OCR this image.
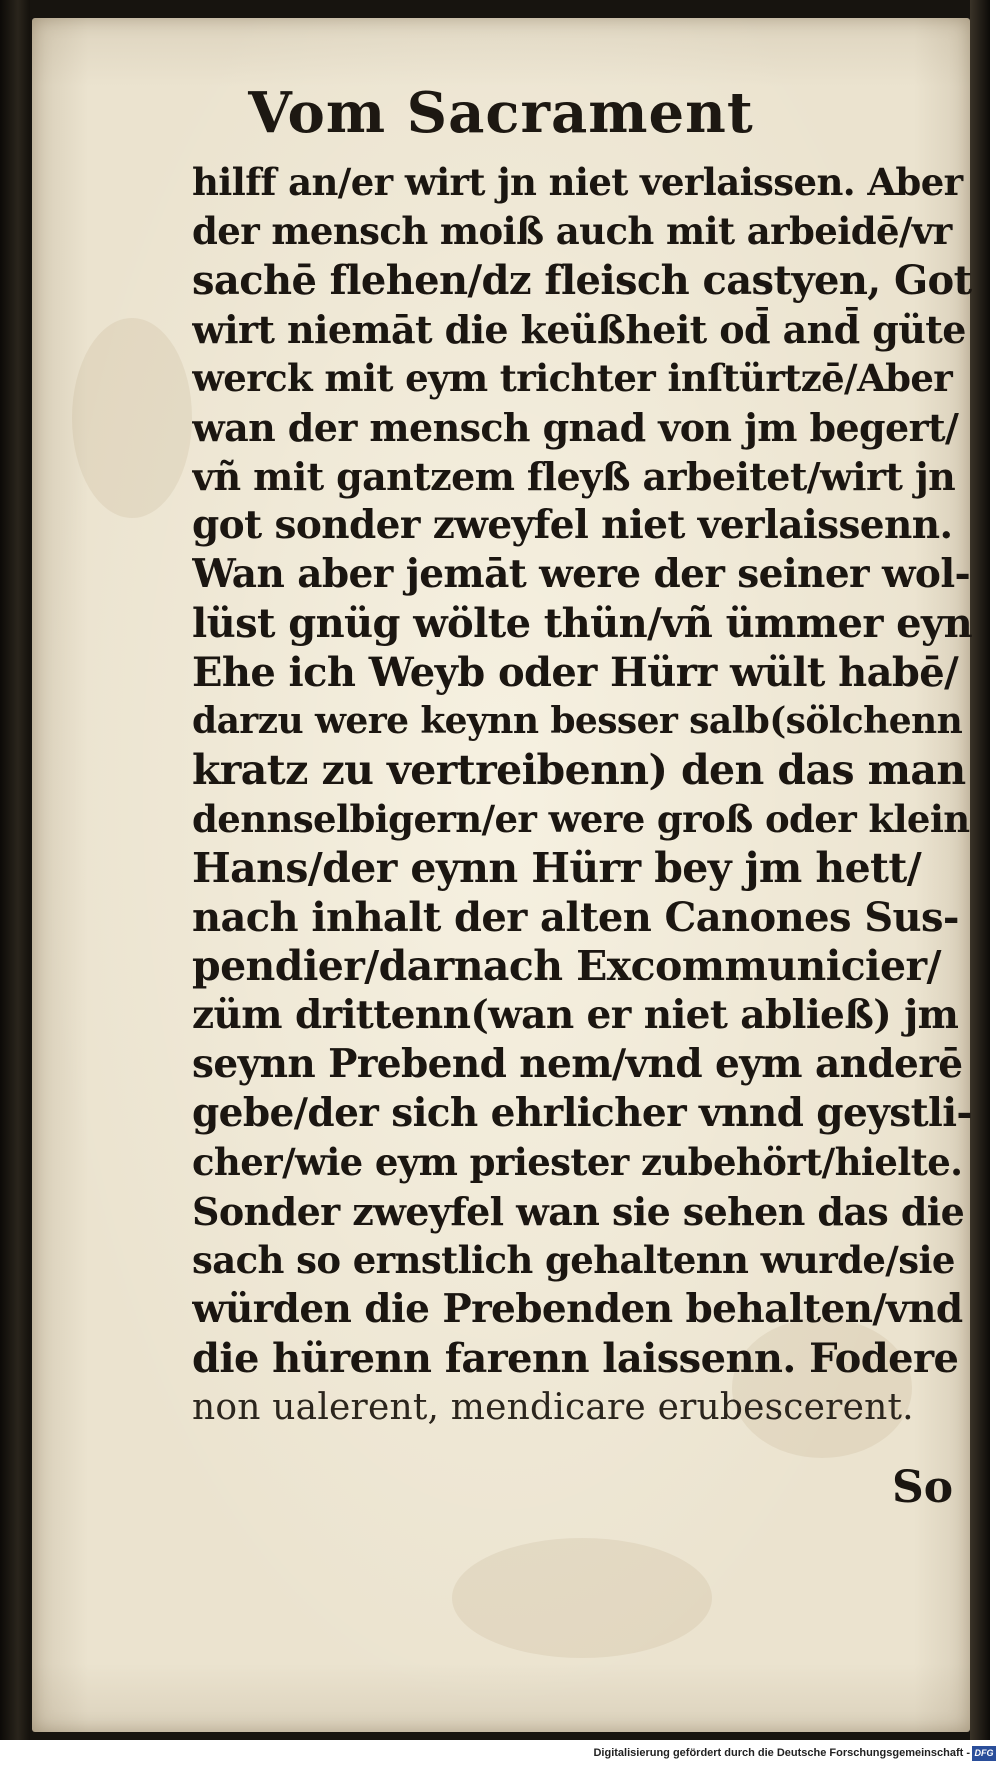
Vom Sacrament
hilff an/er wirt jn niet verlaissen. Aber
der mensch moiß auch mit arbeidē/vr
sachē flehen/dz fleisch castyen, Got
wirt niemāt die keüßheit od̄ and̄ güte
werck mit eym trichter inſtürtzē/Aber
wan der mensch gnad von jm begert/
vñ mit gantzem fleyß arbeitet/wirt jn
got sonder zweyfel niet verlaissenn.
Wan aber jemāt were der seiner wol-
lüst gnüg wölte thün/vñ ümmer eyn
Ehe ich Weyb oder Hürr wült habē/
darzu were keynn besser salb(sölchenn
kratz zu vertreibenn) den das man
dennselbigern/er were groß oder klein
Hans/der eynn Hürr bey jm hett/
nach inhalt der alten Canones Sus-
pendier/darnach Excommunicier/
züm drittenn(wan er niet abließ) jm
seynn Prebend nem/vnd eym anderē
gebe/der sich ehrlicher vnnd geystli-
cher/wie eym priester zubehört/hielte.
Sonder zweyfel wan sie sehen das die
sach so ernstlich gehaltenn wurde/sie
würden die Prebenden behalten/vnd
die hürenn farenn laissenn. Fodere
non ualerent, mendicare erubescerent.
So
Digitalisierung gefördert durch die Deutsche Forschungsgemeinschaft - DFG
